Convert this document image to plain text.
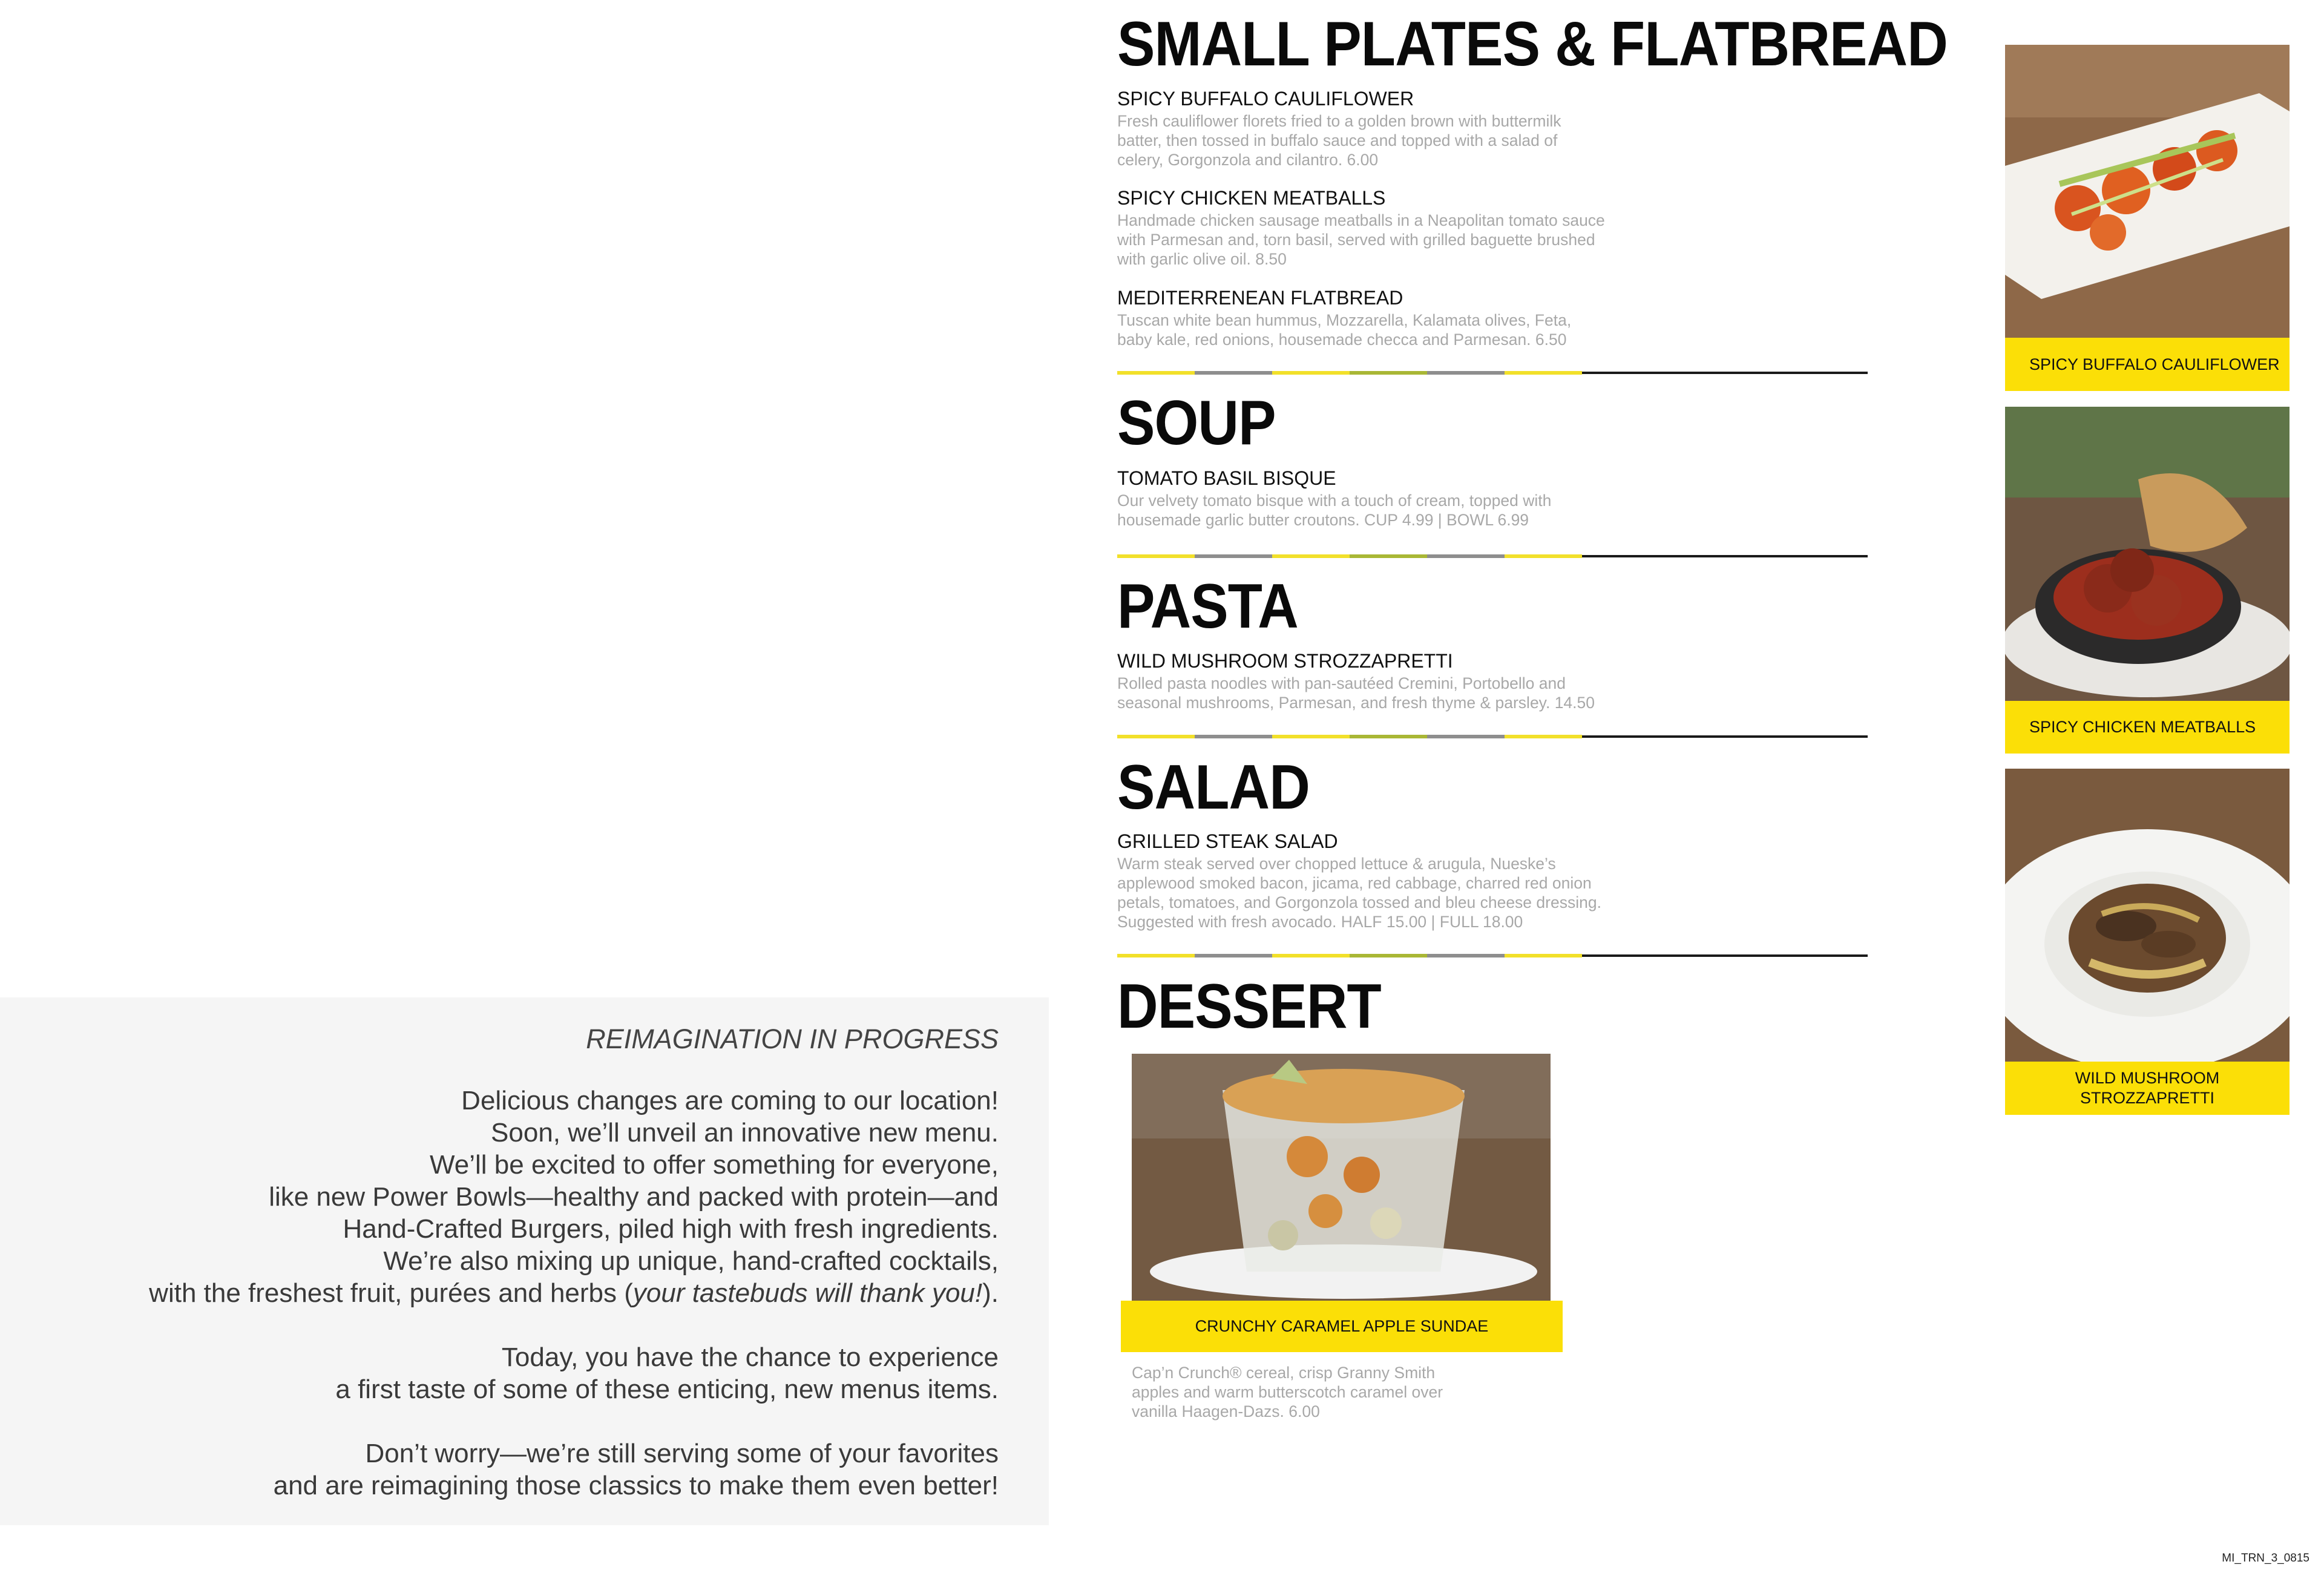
REIMAGINATION IN PROGRESS
Delicious changes are coming to our location!
Soon, we’ll unveil an innovative new menu.
We’ll be excited to offer something for everyone,
like new Power Bowls—healthy and packed with protein—and
Hand-Crafted Burgers, piled high with fresh ingredients.
We’re also mixing up unique, hand-crafted cocktails,
with the freshest fruit, purées and herbs (your tastebuds will thank you!).
Today, you have the chance to experience
a first taste of some of these enticing, new menus items.
Don’t worry—we’re still serving some of your favorites
and are reimagining those classics to make them even better!
SMALL PLATES & FLATBREAD
SPICY BUFFALO CAULIFLOWER
Fresh cauliflower florets fried to a golden brown with buttermilk
batter, then tossed in buffalo sauce and topped with a salad of
celery, Gorgonzola and cilantro. 6.00
SPICY CHICKEN MEATBALLS
Handmade chicken sausage meatballs in a Neapolitan tomato sauce
with Parmesan and, torn basil, served with grilled baguette brushed
with garlic olive oil. 8.50
MEDITERRENEAN FLATBREAD
Tuscan white bean hummus, Mozzarella, Kalamata olives, Feta,
baby kale, red onions, housemade checca and Parmesan. 6.50
SOUP
TOMATO BASIL BISQUE
Our velvety tomato bisque with a touch of cream, topped with
housemade garlic butter croutons. CUP 4.99 | BOWL 6.99
PASTA
WILD MUSHROOM STROZZAPRETTI
Rolled pasta noodles with pan-sautéed Cremini, Portobello and
seasonal mushrooms, Parmesan, and fresh thyme & parsley. 14.50
SALAD
GRILLED STEAK SALAD
Warm steak served over chopped lettuce & arugula, Nueske’s
applewood smoked bacon, jicama, red cabbage, charred red onion
petals, tomatoes, and Gorgonzola tossed and bleu cheese dressing.
Suggested with fresh avocado. HALF 15.00 | FULL 18.00
DESSERT
CRUNCHY CARAMEL APPLE SUNDAE
Cap’n Crunch® cereal, crisp Granny Smith
apples and warm butterscotch caramel over
vanilla Haagen-Dazs. 6.00
SPICY BUFFALO CAULIFLOWER
SPICY CHICKEN MEATBALLS
WILD MUSHROOM
STROZZAPRETTI
MI_TRN_3_0815
